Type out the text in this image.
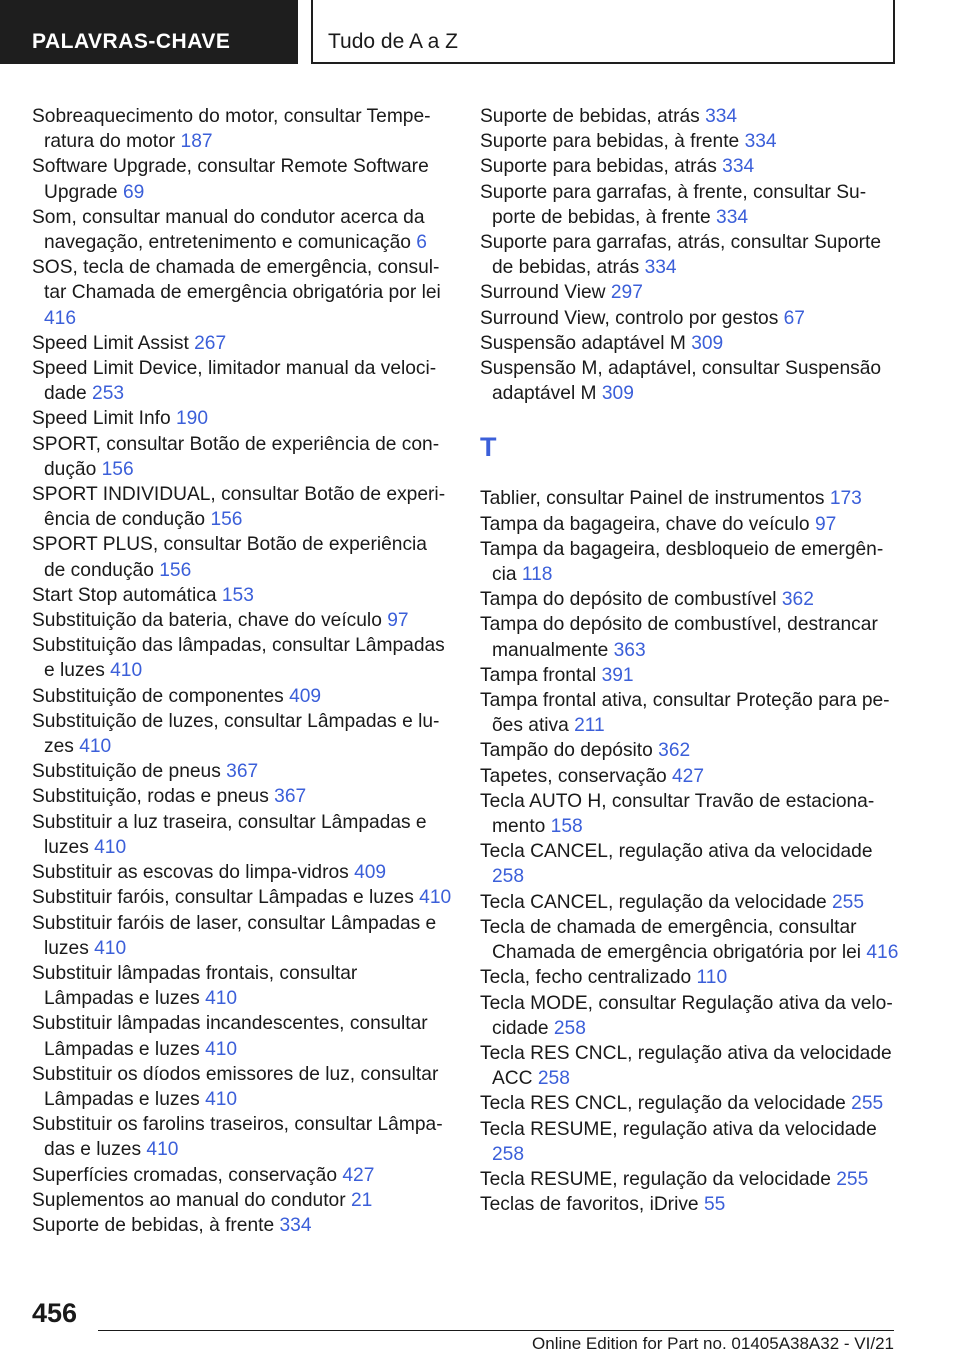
PALAVRAS-CHAVE	Tudo de A a Z
Sobreaquecimento do motor, consultar Temperatura do motor 187
Software Upgrade, consultar Remote Software Upgrade 69
Som, consultar manual do condutor acerca da navegação, entretenimento e comunicação 6
SOS, tecla de chamada de emergência, consultar Chamada de emergência obrigatória por lei 416
Speed Limit Assist 267
Speed Limit Device, limitador manual da velocidade 253
Speed Limit Info 190
SPORT, consultar Botão de experiência de condução 156
SPORT INDIVIDUAL, consultar Botão de experiência de condução 156
SPORT PLUS, consultar Botão de experiência de condução 156
Start Stop automática 153
Substituição da bateria, chave do veículo 97
Substituição das lâmpadas, consultar Lâmpadas e luzes 410
Substituição de componentes 409
Substituição de luzes, consultar Lâmpadas e luzes 410
Substituição de pneus 367
Substituição, rodas e pneus 367
Substituir a luz traseira, consultar Lâmpadas e luzes 410
Substituir as escovas do limpa-vidros 409
Substituir faróis, consultar Lâmpadas e luzes 410
Substituir faróis de laser, consultar Lâmpadas e luzes 410
Substituir lâmpadas frontais, consultar Lâmpadas e luzes 410
Substituir lâmpadas incandescentes, consultar Lâmpadas e luzes 410
Substituir os díodos emissores de luz, consultar Lâmpadas e luzes 410
Substituir os farolins traseiros, consultar Lâmpadas e luzes 410
Superfícies cromadas, conservação 427
Suplementos ao manual do condutor 21
Suporte de bebidas, à frente 334
Suporte de bebidas, atrás 334
Suporte para bebidas, à frente 334
Suporte para bebidas, atrás 334
Suporte para garrafas, à frente, consultar Suporte de bebidas, à frente 334
Suporte para garrafas, atrás, consultar Suporte de bebidas, atrás 334
Surround View 297
Surround View, controlo por gestos 67
Suspensão adaptável M 309
Suspensão M, adaptável, consultar Suspensão adaptável M 309
T
Tablier, consultar Painel de instrumentos 173
Tampa da bagageira, chave do veículo 97
Tampa da bagageira, desbloqueio de emergência 118
Tampa do depósito de combustível 362
Tampa do depósito de combustível, destrancar manualmente 363
Tampa frontal 391
Tampa frontal ativa, consultar Proteção para peões ativa 211
Tampão do depósito 362
Tapetes, conservação 427
Tecla AUTO H, consultar Travão de estacionamento 158
Tecla CANCEL, regulação ativa da velocidade 258
Tecla CANCEL, regulação da velocidade 255
Tecla de chamada de emergência, consultar Chamada de emergência obrigatória por lei 416
Tecla, fecho centralizado 110
Tecla MODE, consultar Regulação ativa da velocidade 258
Tecla RES CNCL, regulação ativa da velocidade ACC 258
Tecla RES CNCL, regulação da velocidade 255
Tecla RESUME, regulação ativa da velocidade 258
Tecla RESUME, regulação da velocidade 255
Teclas de favoritos, iDrive 55
456
Online Edition for Part no. 01405A38A32 - VI/21
